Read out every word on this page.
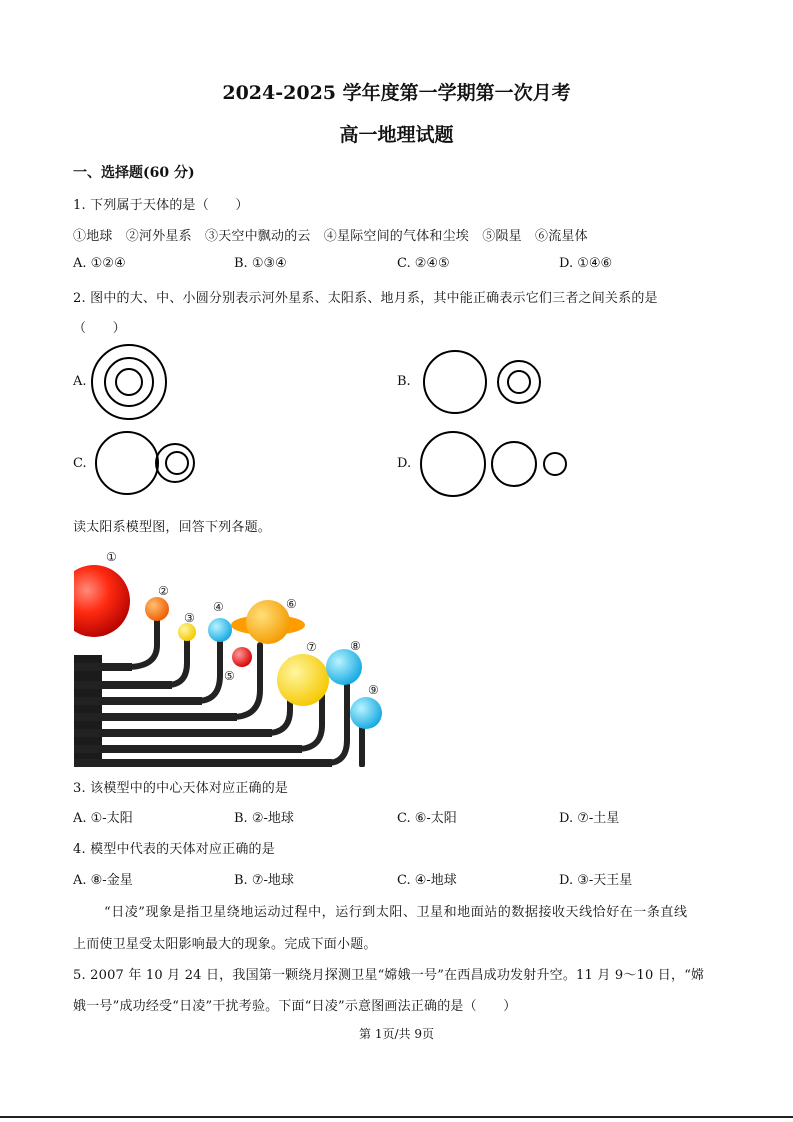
2024-2025 学年度第一学期第一次月考
高一地理试题
一、选择题(60 分)
1. 下列属于天体的是（　　）
①地球　②河外星系　③天空中飘动的云　④星际空间的气体和尘埃　⑤陨星　⑥流星体
A. ①②④	B. ①③④	C. ②④⑤	D. ①④⑥
2. 图中的大、中、小圆分别表示河外星系、太阳系、地月系，其中能正确表示它们三者之间关系的是
（　　）
A.	B.
C.	D.
读太阳系模型图，回答下列各题。
①
②
③
④
⑤
⑥
⑦	⑧
⑨
3. 该模型中的中心天体对应正确的是
A. ①-太阳	B. ②-地球	C. ⑥-太阳	D. ⑦-土星
4. 模型中代表的天体对应正确的是
A. ⑧-金星	B. ⑦-地球	C. ④-地球	D. ③-天王星
“日凌”现象是指卫星绕地运动过程中，运行到太阳、卫星和地面站的数据接收天线恰好在一条直线
上而使卫星受太阳影响最大的现象。完成下面小题。
5. 2007 年 10 月 24 日，我国第一颗绕月探测卫星“嫦娥一号”在西昌成功发射升空。11 月 9～10 日，“嫦
娥一号”成功经受“日凌”干扰考验。下面“日凌”示意图画法正确的是（　　）
第 1页/共 9页
